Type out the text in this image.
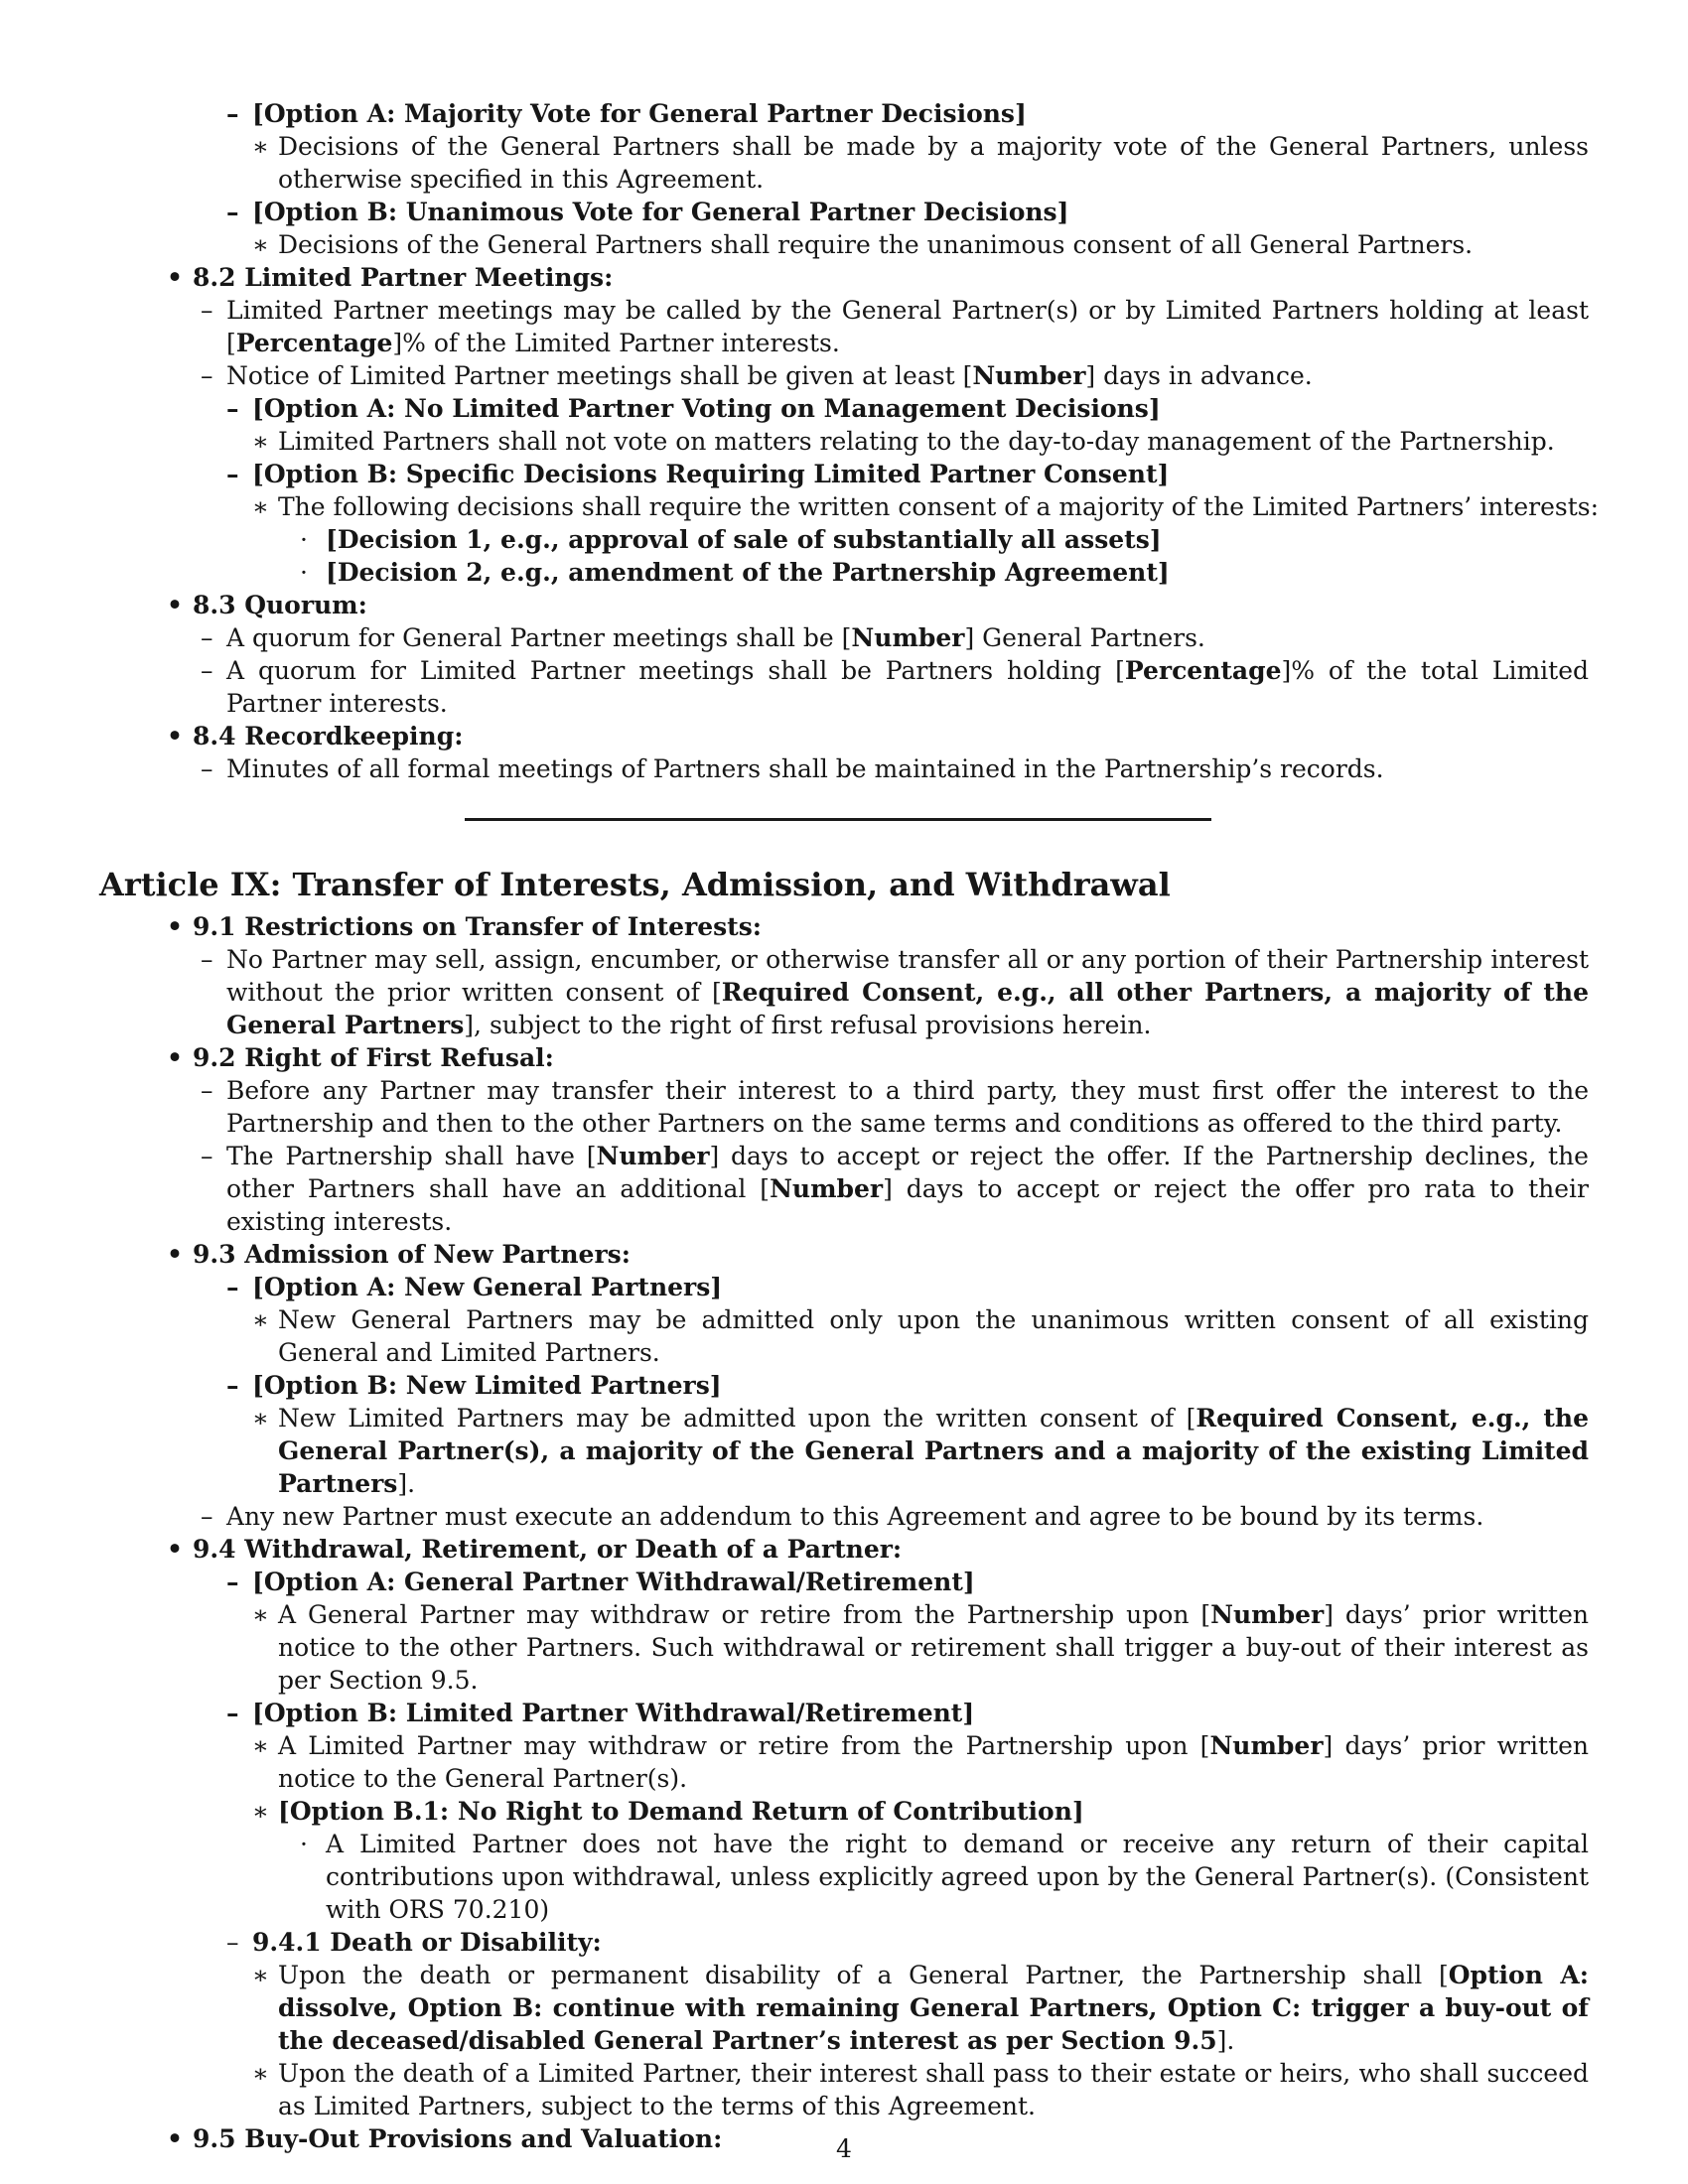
– [Option A: Majority Vote for General Partner Decisions]
∗ Decisions of the General Partners shall be made by a majority vote of the General Partners, unless otherwise specified in this Agreement.
– [Option B: Unanimous Vote for General Partner Decisions]
∗ Decisions of the General Partners shall require the unanimous consent of all General Partners.
• 8.2 Limited Partner Meetings:
– Limited Partner meetings may be called by the General Partner(s) or by Limited Partners holding at least [Percentage]% of the Limited Partner interests.
– Notice of Limited Partner meetings shall be given at least [Number] days in advance.
– [Option A: No Limited Partner Voting on Management Decisions]
∗ Limited Partners shall not vote on matters relating to the day-to-day management of the Partnership.
– [Option B: Specific Decisions Requiring Limited Partner Consent]
∗ The following decisions shall require the written consent of a majority of the Limited Partners’ interests:
· [Decision 1, e.g., approval of sale of substantially all assets]
· [Decision 2, e.g., amendment of the Partnership Agreement]
• 8.3 Quorum:
– A quorum for General Partner meetings shall be [Number] General Partners.
– A quorum for Limited Partner meetings shall be Partners holding [Percentage]% of the total Limited Partner interests.
• 8.4 Recordkeeping:
– Minutes of all formal meetings of Partners shall be maintained in the Partnership’s records.
Article IX: Transfer of Interests, Admission, and Withdrawal
• 9.1 Restrictions on Transfer of Interests:
– No Partner may sell, assign, encumber, or otherwise transfer all or any portion of their Partnership interest without the prior written consent of [Required Consent, e.g., all other Partners, a majority of the General Partners], subject to the right of first refusal provisions herein.
• 9.2 Right of First Refusal:
– Before any Partner may transfer their interest to a third party, they must first offer the interest to the Partnership and then to the other Partners on the same terms and conditions as offered to the third party.
– The Partnership shall have [Number] days to accept or reject the offer. If the Partnership declines, the other Partners shall have an additional [Number] days to accept or reject the offer pro rata to their existing interests.
• 9.3 Admission of New Partners:
– [Option A: New General Partners]
∗ New General Partners may be admitted only upon the unanimous written consent of all existing General and Limited Partners.
– [Option B: New Limited Partners]
∗ New Limited Partners may be admitted upon the written consent of [Required Consent, e.g., the General Partner(s), a majority of the General Partners and a majority of the existing Limited Partners].
– Any new Partner must execute an addendum to this Agreement and agree to be bound by its terms.
• 9.4 Withdrawal, Retirement, or Death of a Partner:
– [Option A: General Partner Withdrawal/Retirement]
∗ A General Partner may withdraw or retire from the Partnership upon [Number] days’ prior written notice to the other Partners. Such withdrawal or retirement shall trigger a buy-out of their interest as per Section 9.5.
– [Option B: Limited Partner Withdrawal/Retirement]
∗ A Limited Partner may withdraw or retire from the Partnership upon [Number] days’ prior written notice to the General Partner(s).
∗ [Option B.1: No Right to Demand Return of Contribution]
· A Limited Partner does not have the right to demand or receive any return of their capital contributions upon withdrawal, unless explicitly agreed upon by the General Partner(s). (Consistent with ORS 70.210)
– 9.4.1 Death or Disability:
∗ Upon the death or permanent disability of a General Partner, the Partnership shall [Option A: dissolve, Option B: continue with remaining General Partners, Option C: trigger a buy-out of the deceased/disabled General Partner’s interest as per Section 9.5].
∗ Upon the death of a Limited Partner, their interest shall pass to their estate or heirs, who shall succeed as Limited Partners, subject to the terms of this Agreement.
• 9.5 Buy-Out Provisions and Valuation:	4
